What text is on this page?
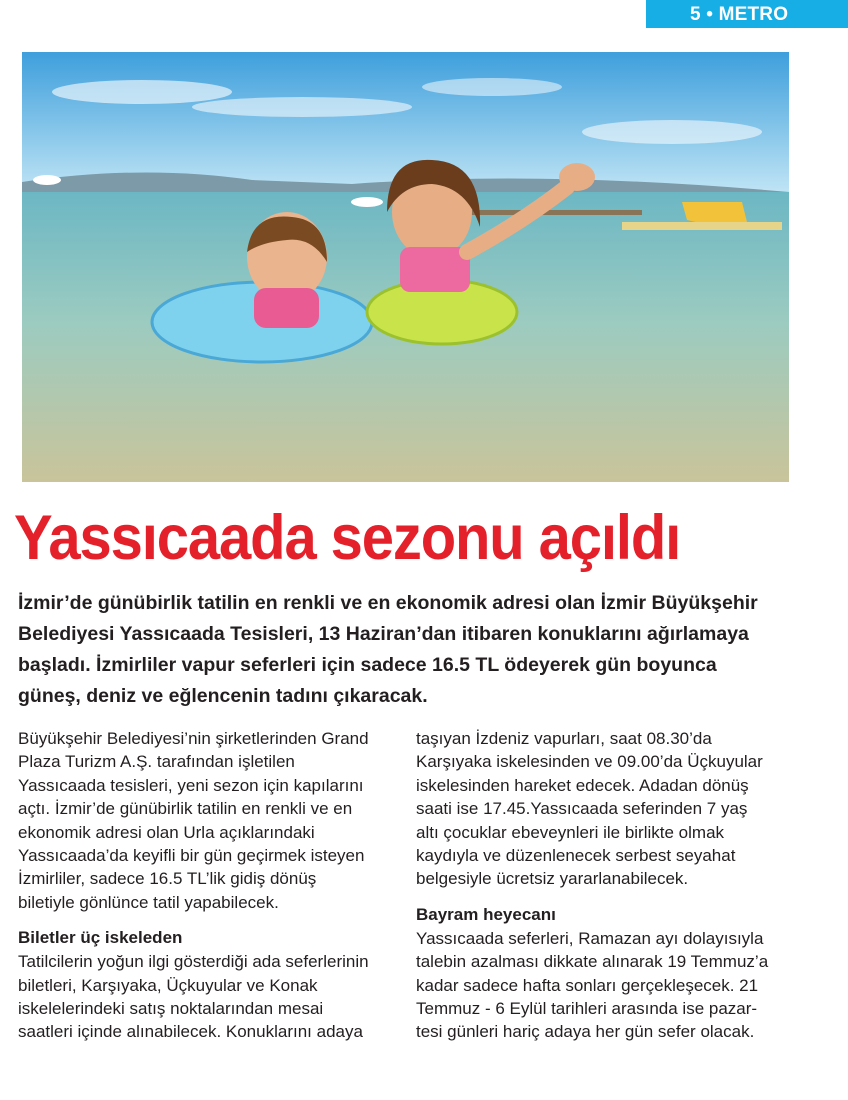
5 • METRO
Yassıcaada sezonu açıldı
İzmir’de günübirlik tatilin en renkli ve en ekonomik adresi olan İzmir Büyükşehir
Belediyesi Yassıcaada Tesisleri, 13 Haziran’dan itibaren konuklarını ağırlamaya
başladı. İzmirliler vapur seferleri için sadece 16.5 TL ödeyerek gün boyunca
güneş, deniz ve eğlencenin tadını çıkaracak.

Büyükşehir Belediyesi’nin şirketlerinden Grand

Plaza Turizm A.Ş. tarafından işletilen

Yassıcaada tesisleri, yeni sezon için kapılarını

açtı. İzmir’de günübirlik tatilin en renkli ve en

ekonomik adresi olan Urla açıklarındaki

Yassıcaada’da keyifli bir gün geçirmek isteyen

İzmirliler, sadece 16.5 TL’lik gidiş dönüş

biletiyle gönlünce tatil yapabilecek.

Biletler üç iskeleden

Tatilcilerin yoğun ilgi gösterdiği ada seferlerinin

biletleri, Karşıyaka, Üçkuyular ve Konak

iskelelerindeki satış noktalarından mesai

saatleri içinde alınabilecek. Konuklarını adaya

taşıyan İzdeniz vapurları, saat 08.30’da

Karşıyaka iskelesinden ve 09.00’da Üçkuyular

iskelesinden hareket edecek. Adadan dönüş

saati ise 17.45.Yassıcaada seferinden 7 yaş

altı çocuklar ebeveynleri ile birlikte olmak

kaydıyla ve düzenlenecek serbest seyahat

belgesiyle ücretsiz yararlanabilecek.

Bayram heyecanı

Yassıcaada seferleri, Ramazan ayı dolayısıyla

talebin azalması dikkate alınarak 19 Temmuz’a

kadar sadece hafta sonları gerçekleşecek. 21

Temmuz - 6 Eylül tarihleri arasında ise pazar-

tesi günleri hariç adaya her gün sefer olacak.
